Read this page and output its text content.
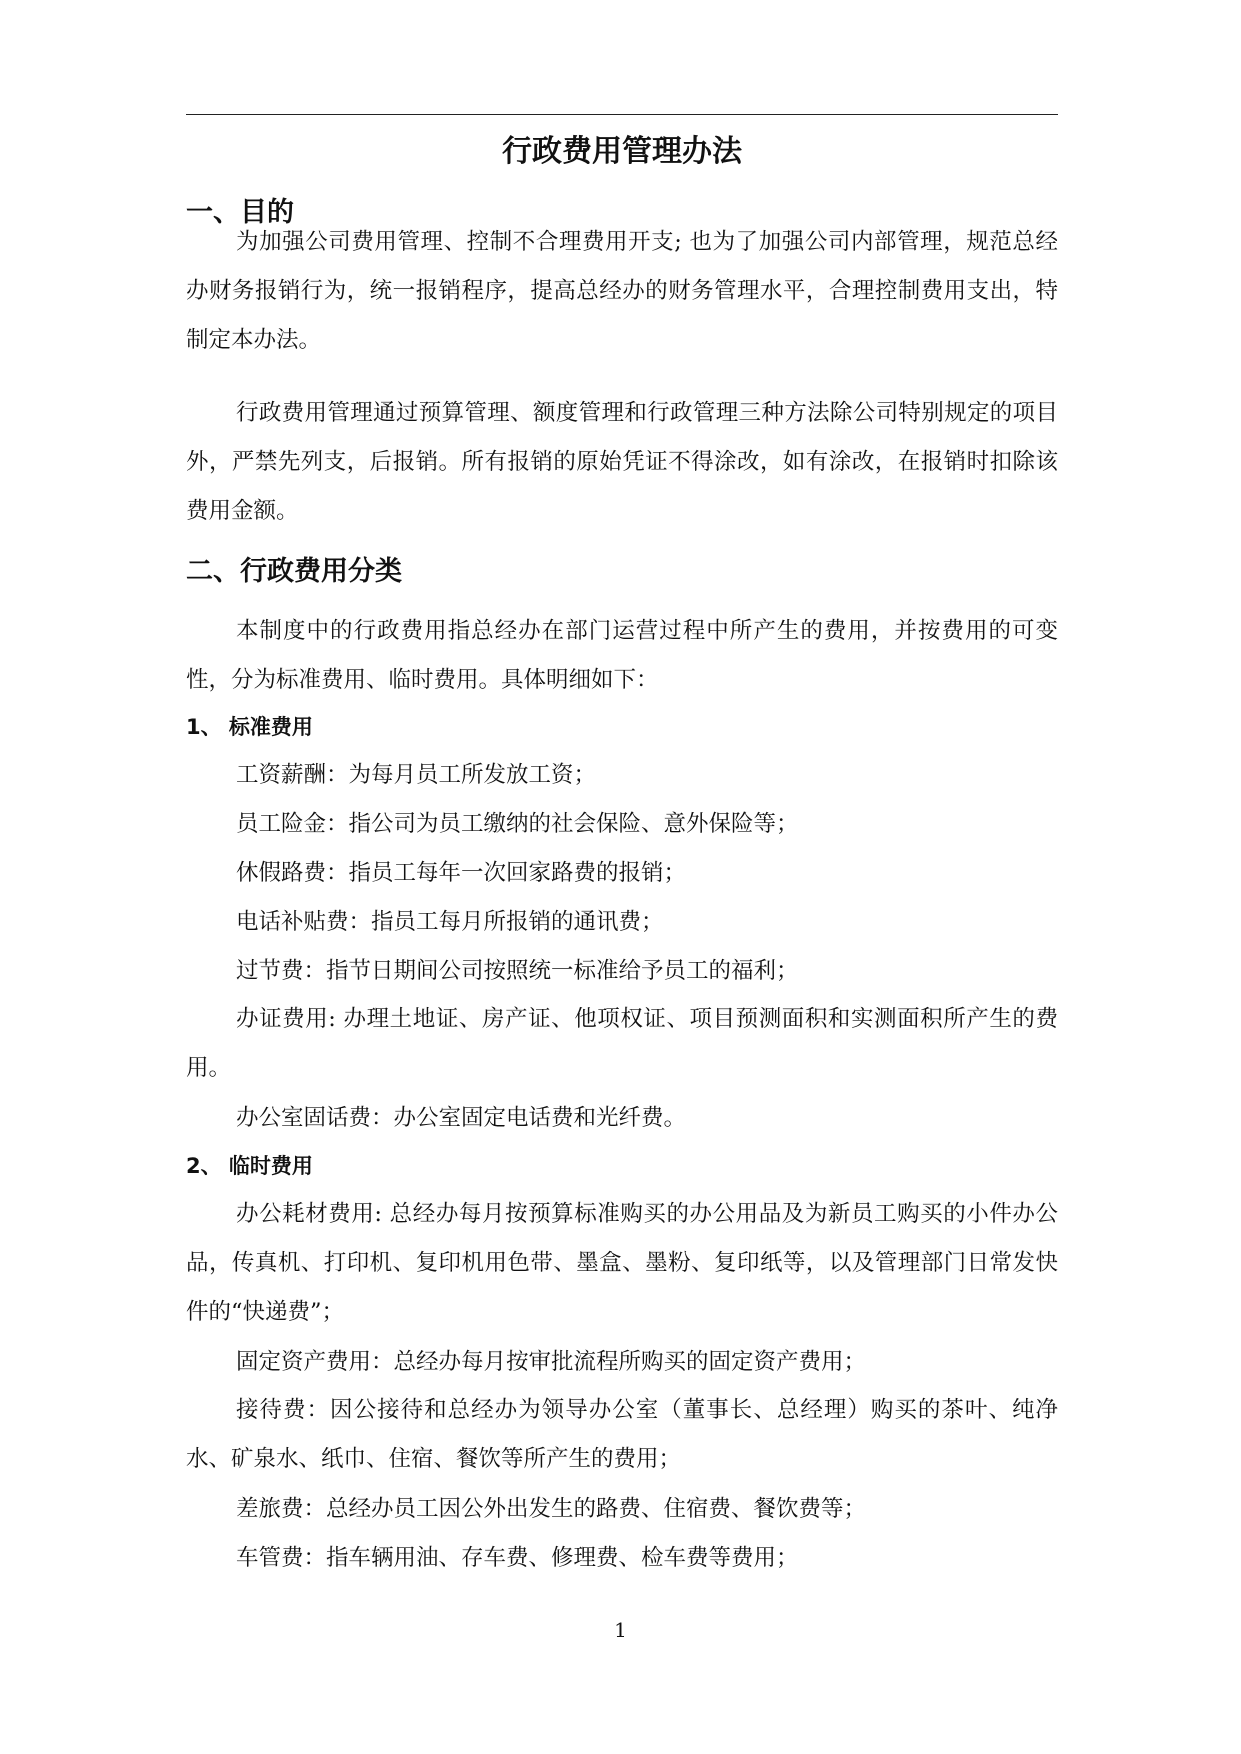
行政费用管理办法
一、目的

为加强公司费用管理、控制不合理费用开支; 也为了加强公司内部管理，规范总经办财务报销行为，统一报销程序，提高总经办的财务管理水平，合理控制费用支出，特制定本办法。

行政费用管理通过预算管理、额度管理和行政管理三种方法除公司特别规定的项目外，严禁先列支，后报销。所有报销的原始凭证不得涂改，如有涂改，在报销时扣除该费用金额。

二、行政费用分类

本制度中的行政费用指总经办在部门运营过程中所产生的费用，并按费用的可变性，分为标准费用、临时费用。具体明细如下：

1、 标准费用
工资薪酬：为每月员工所发放工资；
员工险金：指公司为员工缴纳的社会保险、意外保险等；
休假路费：指员工每年一次回家路费的报销；
电话补贴费：指员工每月所报销的通讯费；
过节费：指节日期间公司按照统一标准给予员工的福利；

办证费用: 办理土地证、房产证、他项权证、项目预测面积和实测面积所产生的费用。

办公室固话费：办公室固定电话费和光纤费。
2、 临时费用

办公耗材费用: 总经办每月按预算标准购买的办公用品及为新员工购买的小件办公品，传真机、打印机、复印机用色带、墨盒、墨粉、复印纸等，以及管理部门日常发快件的“快递费”；

固定资产费用：总经办每月按审批流程所购买的固定资产费用；

接待费：因公接待和总经办为领导办公室（董事长、总经理）购买的茶叶、纯净水、矿泉水、纸巾、住宿、餐饮等所产生的费用；

差旅费：总经办员工因公外出发生的路费、住宿费、餐饮费等；
车管费：指车辆用油、存车费、修理费、检车费等费用；
1
